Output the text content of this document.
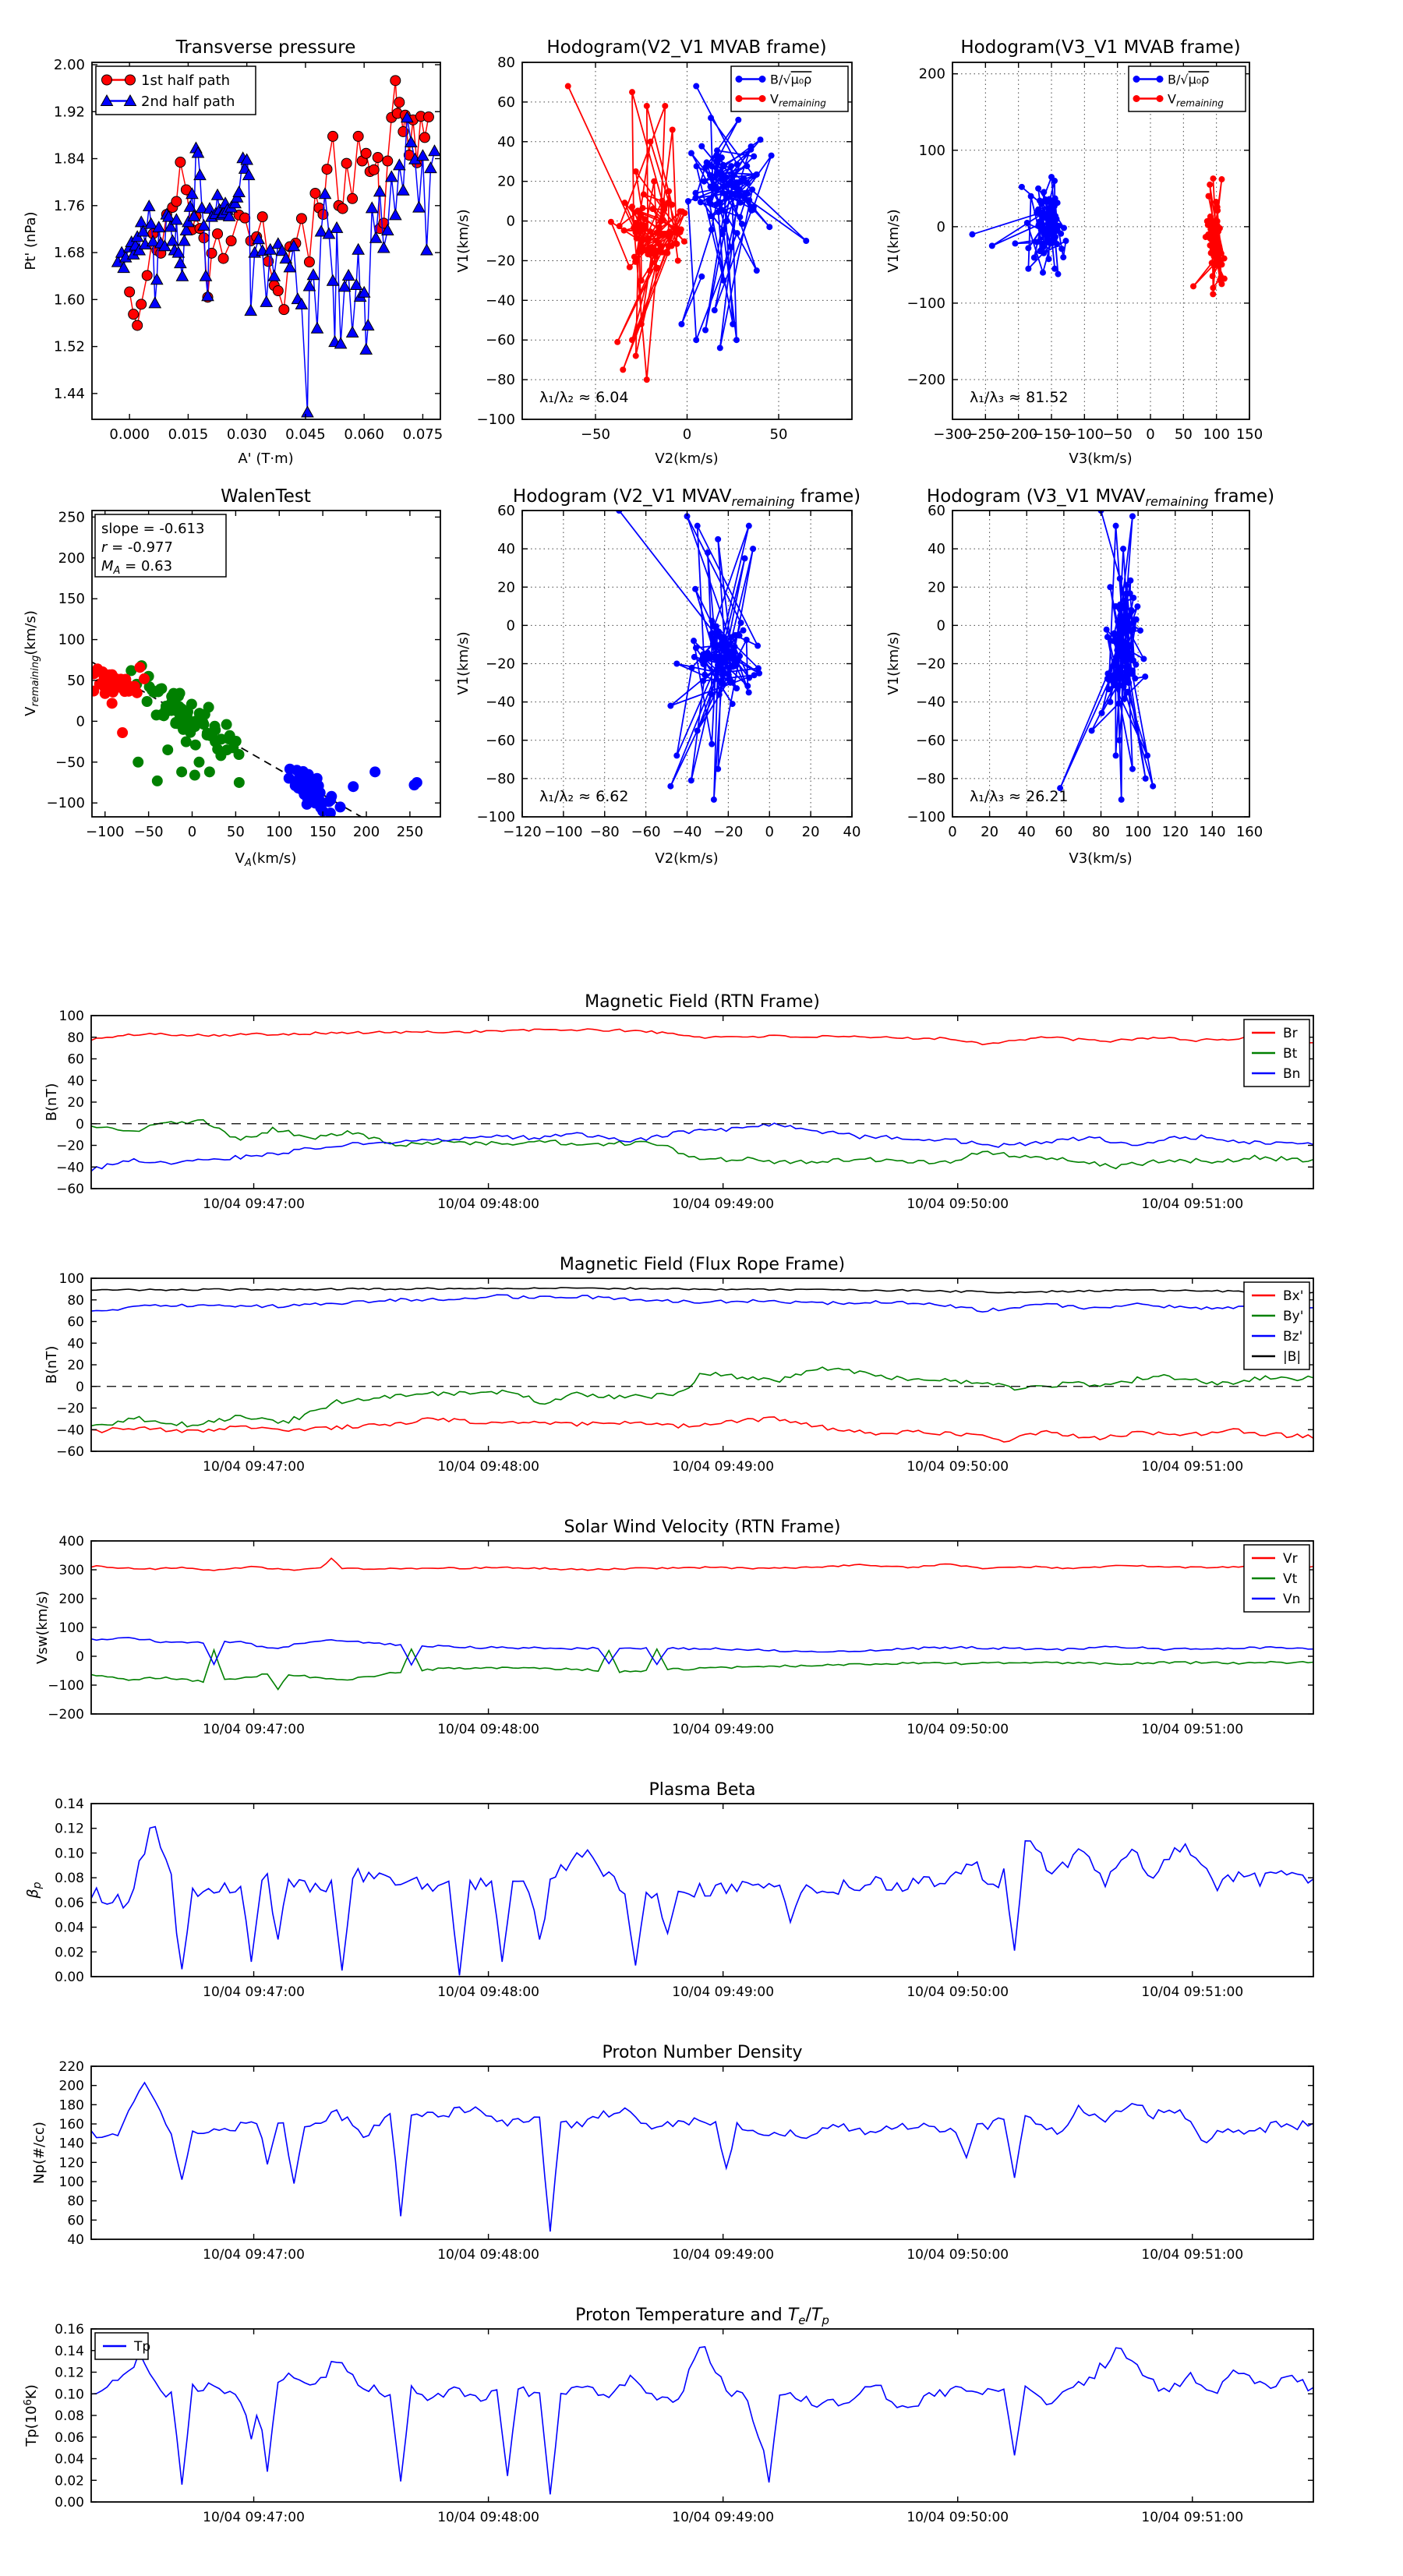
0.000 0.015 0.030 0.045 0.060 0.075
1.44
1.52
1.60
1.68
1.76
1.84
1.92
2.00
1st half path
2nd half path
Transverse pressure
A' (T·m)
Pt' (nPa)
−50	0	50
−100
−80
−60
−40
−20
0
20
40
60
80
B/√μ₀ρ
$V_{remaining}$
Hodogram(V2_V1 MVAB frame)
V2(km/s)
V1(km/s)
λ₁/λ₂ ≈ 6.04
−300
−250
−200
−150
−100
−50 0 50 100 150
−200
−100
0
100
200	B/√μ₀ρ
$V_{remaining}$
Hodogram(V3_V1 MVAB frame)
V3(km/s)
V1(km/s)
λ₁/λ₃ ≈ 81.52
−100 −50 0 50 100 150 200 250
−100
−50
0
50
100
150
200
250
WalenTest
$V_A(km/s)$
$V_{remaining}(km/s)$
slope = -0.613
r = -0.977
$M_A = 0.63$
−120 −100 −80 −60 −40 −20 0 20 40
−100
−80
−60
−40
−20
0
20
40
60
Hodogram (V2_V1 $MVAV_{remaining}$ frame)
V2(km/s)
V1(km/s)
λ₁/λ₂ ≈ 6.62
0 20 40 60 80 100 120 140 160
−100
−80
−60
−40
−20
0
20
40
60
Hodogram (V3_V1 $MVAV_{remaining}$ frame)
V3(km/s)
V1(km/s)
λ₁/λ₃ ≈ 26.21
10/04 09:47:00	10/04 09:48:00	10/04 09:49:00	10/04 09:50:00	10/04 09:51:00
−60
−40
−20
0
20
40
60
80
100
Br
Bt
Bn
Magnetic Field (RTN Frame)
B(nT)
10/04 09:47:00	10/04 09:48:00	10/04 09:49:00	10/04 09:50:00	10/04 09:51:00
−60
−40
−20
0
20
40
60
80
100
Bx'
By'
Bz'
|B|
Magnetic Field (Flux Rope Frame)
B(nT)
10/04 09:47:00	10/04 09:48:00	10/04 09:49:00	10/04 09:50:00	10/04 09:51:00
−200
−100
0
100
200
300
400
Vr
Vt
Vn
Solar Wind Velocity (RTN Frame)
Vsw(km/s)
10/04 09:47:00	10/04 09:48:00	10/04 09:49:00	10/04 09:50:00	10/04 09:51:00
0.00
0.02
0.04
0.06
0.08
0.10
0.12
0.14
Plasma Beta
$\beta_p$
10/04 09:47:00	10/04 09:48:00	10/04 09:49:00	10/04 09:50:00	10/04 09:51:00
40
60
80
100
120
140
160
180
200
220
Proton Number Density
Np(#/cc)
10/04 09:47:00	10/04 09:48:00	10/04 09:49:00	10/04 09:50:00	10/04 09:51:00
0.00
0.02
0.04
0.06
0.08
0.10
0.12
0.14
0.16
Tp
Proton Temperature and $T_e/T_p$
$Tp(10^6K)$
